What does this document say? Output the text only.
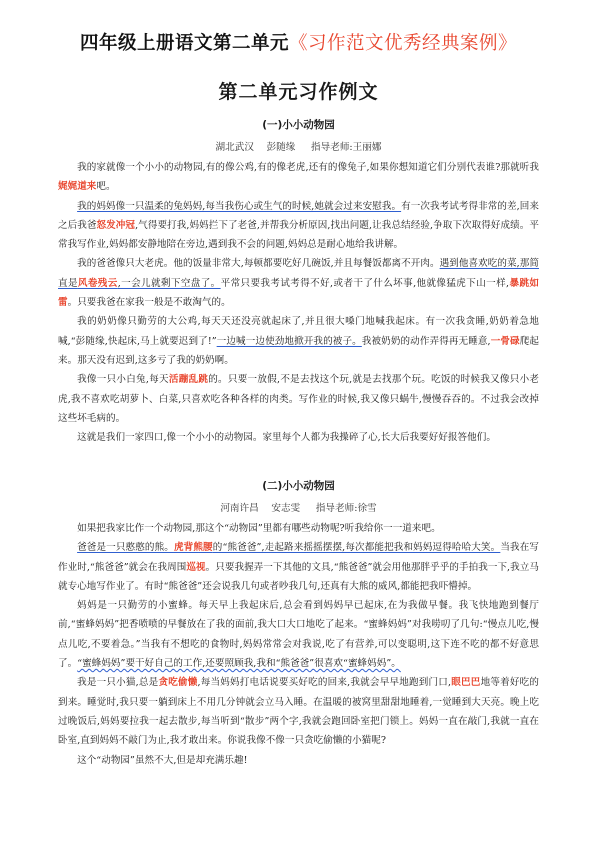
四年级上册语文第二单元《习作范文优秀经典案例》
第二单元习作例文
(一)小小动物园
湖北武汉　 彭随缘 　 指导老师:王丽娜

我的家就像一个小小的动物园,有的像公鸡,有的像老虎,还有的像兔子,如果你想知道它们分别代表谁?那就听我娓娓道来吧。

我的妈妈像一只温柔的兔妈妈,每当我伤心或生气的时候,她就会过来安慰我。有一次我考试考得非常的差,回来之后我爸怒发冲冠,气得要打我,妈妈拦下了老爸,并帮我分析原因,找出问题,让我总结经验,争取下次取得好成绩。平常我写作业,妈妈都安静地陪在旁边,遇到我不会的问题,妈妈总是耐心地给我讲解。

我的爸爸像只大老虎。他的饭量非常大,每顿都要吃好几碗饭,并且每餐饭都离不开肉。遇到他喜欢吃的菜,那简直是风卷残云,一会儿就剩下空盘了。平常只要我考试考得不好,或者干了什么坏事,他就像猛虎下山一样,暴跳如雷。只要我爸在家我一般是不敢淘气的。

我的奶奶像只勤劳的大公鸡,每天天还没亮就起床了,并且很大嗓门地喊我起床。有一次我贪睡,奶奶着急地喊,“彭随缘,快起床,马上就要迟到了!”一边喊一边使劲地掀开我的被子。我被奶奶的动作弄得再无睡意,一骨碌爬起来。那天没有迟到,这多亏了我的奶奶啊。

我像一只小白兔,每天活蹦乱跳的。只要一放假,不是去找这个玩,就是去找那个玩。吃饭的时候我又像只小老虎,我不喜欢吃胡萝卜、白菜,只喜欢吃各种各样的肉类。写作业的时候,我又像只蜗牛,慢慢吞吞的。不过我会改掉这些坏毛病的。

这就是我们一家四口,像一个小小的动物园。家里每个人都为我操碎了心,长大后我要好好报答他们。

(二)小小动物园
河南许昌　 安志雯 　 指导老师:徐雪

如果把我家比作一个动物园,那这个“动物园”里都有哪些动物呢?听我给你一一道来吧。

爸爸是一只憨憨的熊。虎背熊腰的“熊爸爸”,走起路来摇摇摆摆,每次都能把我和妈妈逗得哈哈大笑。当我在写作业时,“熊爸爸”就会在我周围巡视。只要我握弄一下其他的文具,“熊爸爸”就会用他那胖乎乎的手拍我一下,我立马就专心地写作业了。有时“熊爸爸”还会说我几句或者吵我几句,还真有大熊的威风,都能把我吓懵掉。

妈妈是一只勤劳的小蜜蜂。每天早上我起床后,总会看到妈妈早已起床,在为我做早餐。我飞快地跑到餐厅前,“蜜蜂妈妈”把香喷喷的早餐放在了我的面前,我大口大口地吃了起来。“蜜蜂妈妈”对我唠叨了几句:“慢点儿吃,慢点儿吃,不要着急。”当我有不想吃的食物时,妈妈常常会对我说,吃了有营养,可以变聪明,这下连不吃的都不好意思了。“蜜蜂妈妈”要干好自己的工作,还要照顾我,我和“熊爸爸”很喜欢“蜜蜂妈妈”。

我是一只小猫,总是贪吃偷懒,每当妈妈打电话说要买好吃的回来,我就会早早地跑到门口,眼巴巴地等着好吃的到来。睡觉时,我只要一躺到床上不用几分钟就会立马入睡。在温暖的被窝里甜甜地睡着,一觉睡到大天亮。晚上吃过晚饭后,妈妈要拉我一起去散步,每当听到“散步”两个字,我就会跑回卧室把门锁上。妈妈一直在敲门,我就一直在卧室,直到妈妈不敲门为止,我才敢出来。你说我像不像一只贪吃偷懒的小猫呢?

这个“动物园”虽然不大,但是却充满乐趣!
